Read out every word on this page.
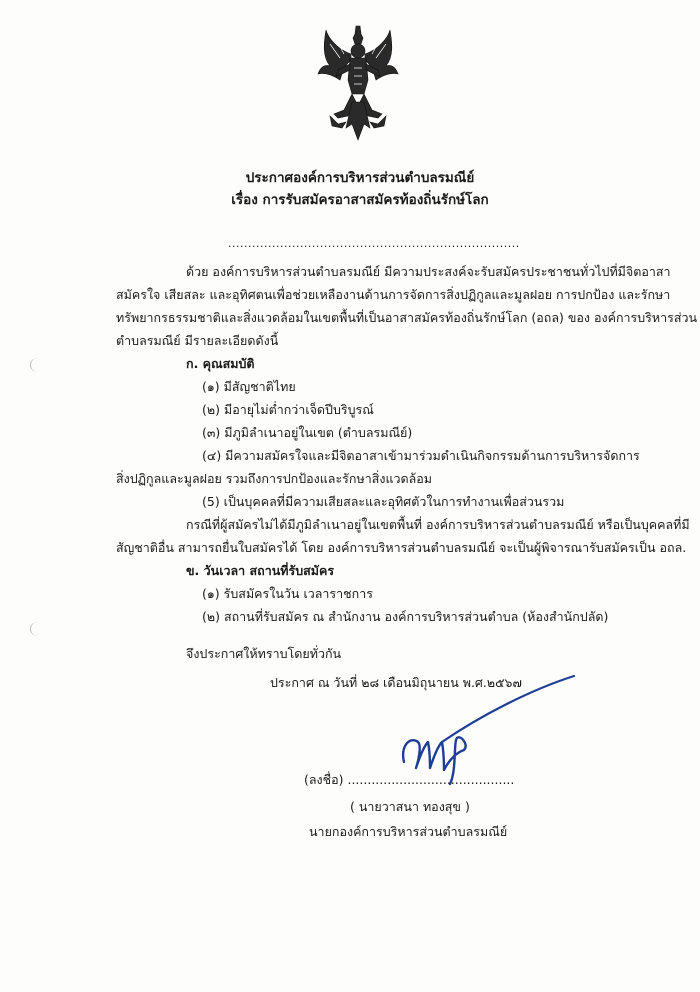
ประกาศองค์การบริหารส่วนตำบลรมณีย์
เรื่อง การรับสมัครอาสาสมัครท้องถิ่นรักษ์โลก
.........................................................................
ด้วย องค์การบริหารส่วนตำบลรมณีย์ มีความประสงค์จะรับสมัครประชาชนทั่วไปที่มีจิตอาสา
สมัครใจ เสียสละ และอุทิศตนเพื่อช่วยเหลืองานด้านการจัดการสิ่งปฏิกูลและมูลฝอย การปกป้อง และรักษา
ทรัพยากรธรรมชาติและสิ่งแวดล้อมในเขตพื้นที่เป็นอาสาสมัครท้องถิ่นรักษ์โลก (อถล) ของ องค์การบริหารส่วน
ตำบลรมณีย์ มีรายละเอียดดังนี้
ก. คุณสมบัติ
(๑) มีสัญชาติไทย
(๒) มีอายุไม่ต่ำกว่าเจ็ดปีบริบูรณ์
(๓) มีภูมิลำเนาอยู่ในเขต (ตำบลรมณีย์)
(๔) มีความสมัครใจและมีจิตอาสาเข้ามาร่วมดำเนินกิจกรรมด้านการบริหารจัดการ
สิ่งปฏิกูลและมูลฝอย รวมถึงการปกป้องและรักษาสิ่งแวดล้อม
(5) เป็นบุคคลที่มีความเสียสละและอุทิศตัวในการทำงานเพื่อส่วนรวม
กรณีที่ผู้สมัครไม่ได้มีภูมิลำเนาอยู่ในเขตพื้นที่ องค์การบริหารส่วนตำบลรมณีย์ หรือเป็นบุคคลที่มี
สัญชาติอื่น สามารถยื่นใบสมัครได้ โดย องค์การบริหารส่วนตำบลรมณีย์ จะเป็นผู้พิจารณารับสมัครเป็น อถล.
ข. วันเวลา สถานที่รับสมัคร
(๑) รับสมัครในวัน เวลาราชการ
(๒) สถานที่รับสมัคร ณ สำนักงาน องค์การบริหารส่วนตำบล (ห้องสำนักปลัด)
จึงประกาศให้ทราบโดยทั่วกัน
ประกาศ ณ วันที่ ๒๘ เดือนมิถุนายน พ.ศ.๒๕๖๗
(ลงชื่อ) ..........................................
( นายวาสนา ทองสุข )
นายกองค์การบริหารส่วนตำบลรมณีย์
